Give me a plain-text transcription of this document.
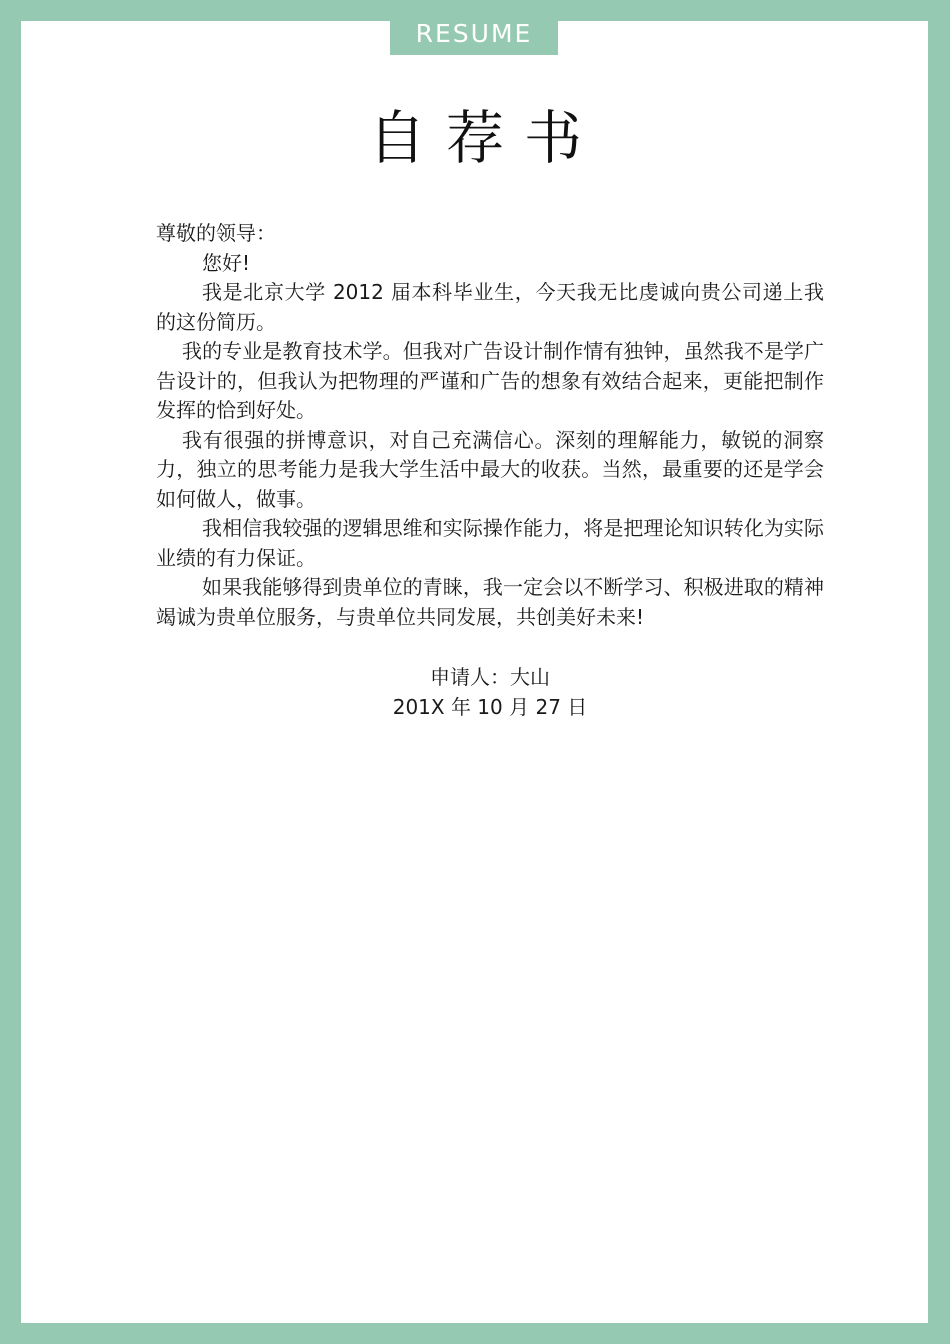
RESUME
自荐书

尊敬的领导：

您好!

我是北京大学 2012 届本科毕业生，今天我无比虔诚向贵公司递上我的这份简历。

我的专业是教育技术学。但我对广告设计制作情有独钟，虽然我不是学广告设计的，但我认为把物理的严谨和广告的想象有效结合起来，更能把制作发挥的恰到好处。

我有很强的拼博意识，对自己充满信心。深刻的理解能力，敏锐的洞察力，独立的思考能力是我大学生活中最大的收获。当然，最重要的还是学会如何做人，做事。

我相信我较强的逻辑思维和实际操作能力，将是把理论知识转化为实际业绩的有力保证。

如果我能够得到贵单位的青睐，我一定会以不断学习、积极进取的精神竭诚为贵单位服务，与贵单位共同发展，共创美好未来!

申请人：大山
201X 年 10 月 27 日
